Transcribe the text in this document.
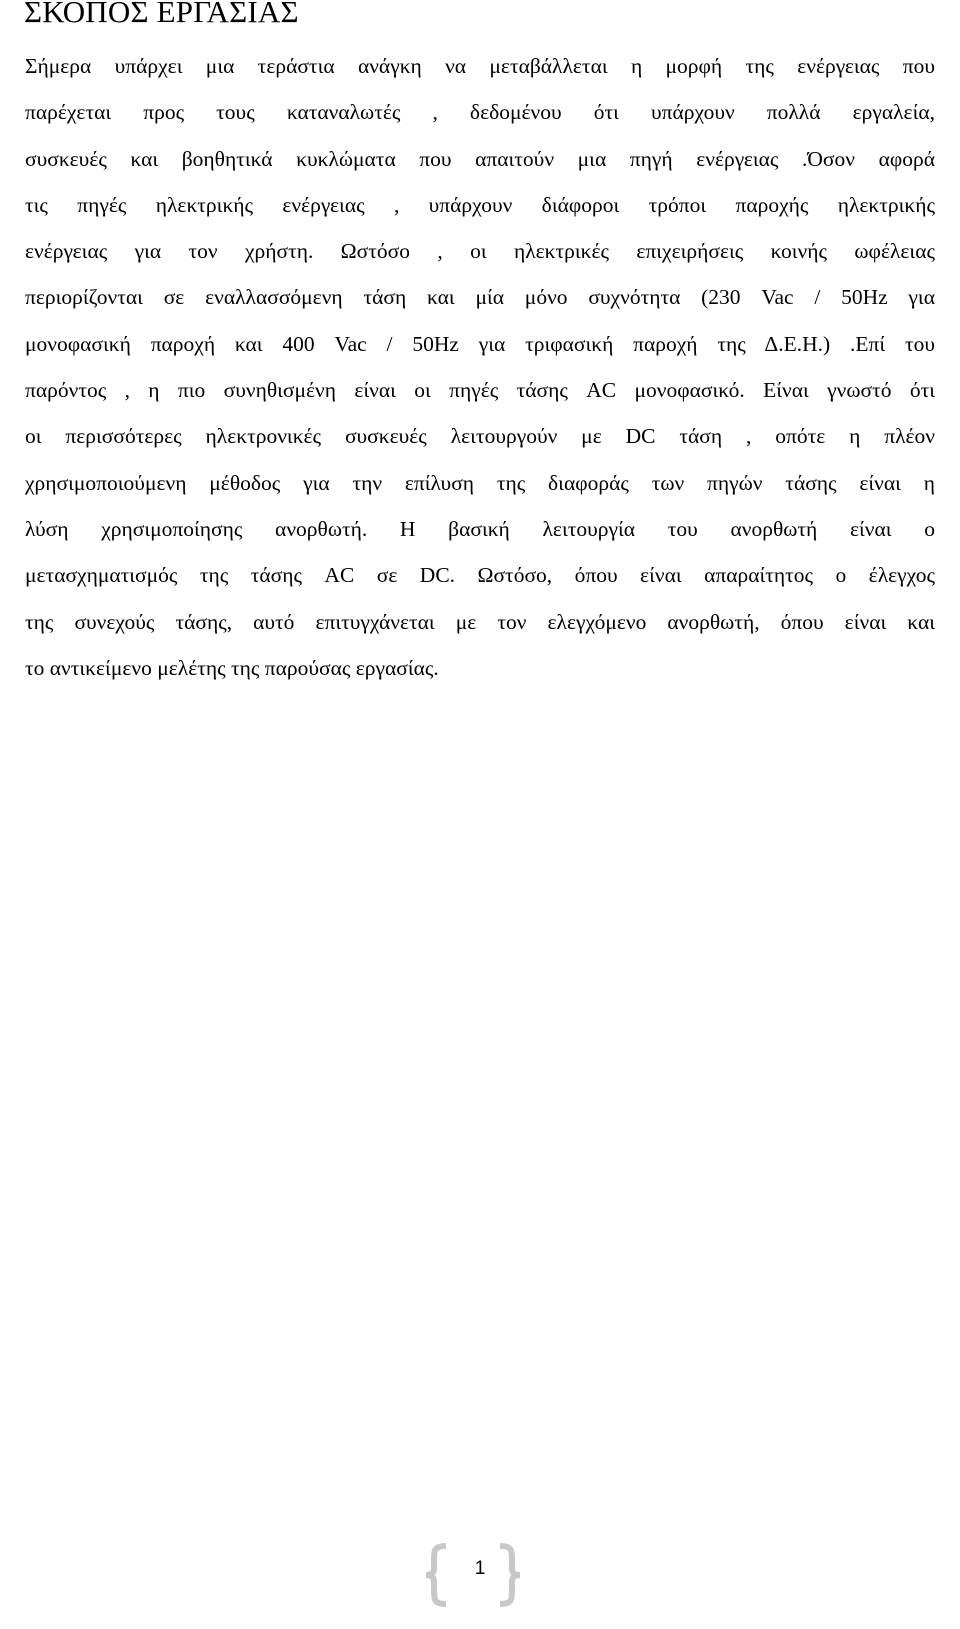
ΣΚΟΠΟΣ ΕΡΓΑΣΙΑΣ

Σήμερα υπάρχει μια τεράστια ανάγκη να μεταβάλλεται η μορφή της ενέργειας που
παρέχεται προς τους καταναλωτές , δεδομένου ότι υπάρχουν πολλά εργαλεία,
συσκευές και βοηθητικά κυκλώματα που απαιτούν μια πηγή ενέργειας .Όσον αφορά
τις πηγές ηλεκτρικής ενέργειας , υπάρχουν διάφοροι τρόποι παροχής ηλεκτρικής
ενέργειας για τον χρήστη. Ωστόσο , οι ηλεκτρικές επιχειρήσεις κοινής ωφέλειας
περιορίζονται σε εναλλασσόμενη τάση και μία μόνο συχνότητα (230 Vac / 50Hz για
μονοφασική παροχή και 400 Vac / 50Hz για τριφασική παροχή της Δ.Ε.Η.) .Επί του
παρόντος , η πιο συνηθισμένη είναι οι πηγές τάσης AC μονοφασικό. Είναι γνωστό ότι
οι περισσότερες ηλεκτρονικές συσκευές λειτουργούν με DC τάση , οπότε η πλέον
χρησιμοποιούμενη μέθοδος για την επίλυση της διαφοράς των πηγών τάσης είναι η
λύση χρησιμοποίησης ανορθωτή. Η βασική λειτουργία του ανορθωτή είναι ο
μετασχηματισμός της τάσης AC σε DC. Ωστόσο, όπου είναι απαραίτητος ο έλεγχος
της συνεχούς τάσης, αυτό επιτυγχάνεται με τον ελεγχόμενο ανορθωτή, όπου είναι και
το αντικείμενο μελέτης της παρούσας εργασίας.

1
